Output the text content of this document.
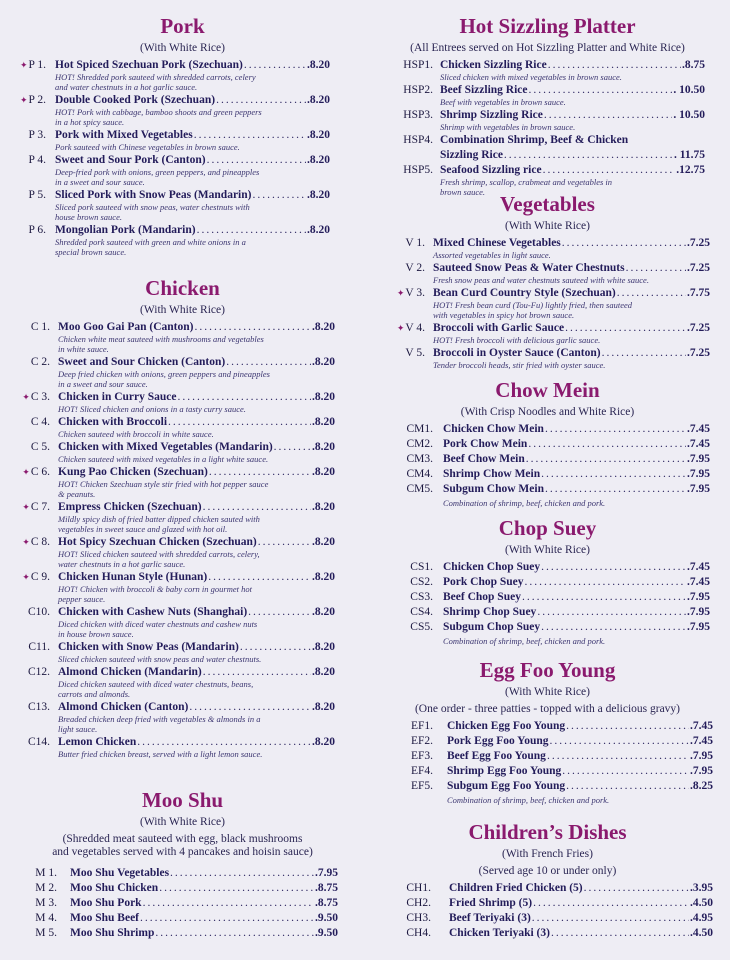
Pork
(With White Rice)
✦P 1. Hot Spiced Szechuan Pork (Szechuan) .....	.8.20
HOT! Shredded pork sauteed with shredded carrots, celery
and water chestnuts in a hot garlic sauce.
✦P 2. Double Cooked Pork (Szechuan) .....	.8.20
HOT! Pork with cabbage, bamboo shoots and green peppers
in a hot spicy sauce.
P 3. Pork with Mixed Vegetables .....	.8.20
Pork sauteed with Chinese vegetables in brown sauce.
P 4. Sweet and Sour Pork (Canton) .....	.8.20
Deep-fried pork with onions, green peppers, and pineapples
in a sweet and sour sauce.
P 5. Sliced Pork with Snow Peas (Mandarin) .....	.8.20
Sliced pork sauteed with snow peas, water chestnuts with
house brown sauce.
P 6. Mongolian Pork (Mandarin) .....	.8.20
Shredded pork sauteed with green and white onions in a
special brown sauce.
Chicken
(With White Rice)
C 1. Moo Goo Gai Pan (Canton) .....	.8.20
Chicken white meat sauteed with mushrooms and vegetables
in white sauce.
C 2. Sweet and Sour Chicken (Canton) .....	.8.20
Deep fried chicken with onions, green peppers and pineapples
in a sweet and sour sauce.
✦C 3. Chicken in Curry Sauce .....	.8.20
HOT! Sliced chicken and onions in a tasty curry sauce.
C 4. Chicken with Broccoli .....	.8.20
Chicken sauteed with broccoli in white sauce.
C 5. Chicken with Mixed Vegetables (Mandarin) .....	.8.20
Chicken sauteed with mixed vegetables in a light white sauce.
✦C 6. Kung Pao Chicken (Szechuan) .....	.8.20
HOT! Chicken Szechuan style stir fried with hot pepper sauce
& peanuts.
✦C 7. Empress Chicken (Szechuan) .....	.8.20
Mildly spicy dish of fried batter dipped chicken sauted with
vegetables in sweet sauce and glazed with hot oil.
✦C 8. Hot Spicy Szechuan Chicken (Szechuan) .....	.8.20
HOT! Sliced chicken sauteed with shredded carrots, celery,
water chestnuts in a hot garlic sauce.
✦C 9. Chicken Hunan Style (Hunan) .....	.8.20
HOT! Chicken with broccoli & baby corn in gourmet hot
pepper sauce.
C10. Chicken with Cashew Nuts (Shanghai) .....	.8.20
Diced chicken with diced water chestnuts and cashew nuts
in house brown sauce.
C11. Chicken with Snow Peas (Mandarin) .....	.8.20
Sliced chicken sauteed with snow peas and water chestnuts.
C12. Almond Chicken (Mandarin) .....	.8.20
Diced chicken sauteed with diced water chestnuts, beans,
carrots and almonds.
C13. Almond Chicken (Canton) .....	.8.20
Breaded chicken deep fried with vegetables & almonds in a
light sauce.
C14. Lemon Chicken .....	.8.20
Butter fried chicken breast, served with a light lemon sauce.
Moo Shu
(With White Rice)
(Shredded meat sauteed with egg, black mushrooms
and vegetables served with 4 pancakes and hoisin sauce)
M 1. Moo Shu Vegetables .....	.7.95
M 2. Moo Shu Chicken .....	.8.75
M 3. Moo Shu Pork .....	.8.75
M 4. Moo Shu Beef .....	.9.50
M 5. Moo Shu Shrimp .....	.9.50
Hot Sizzling Platter
(All Entrees served on Hot Sizzling Platter and White Rice)
HSP1. Chicken Sizzling Rice .....	.8.75
Sliced chicken with mixed vegetables in brown sauce.
HSP2. Beef Sizzling Rice .....	. 10.50
Beef with vegetables in brown sauce.
HSP3. Shrimp Sizzling Rice .....	. 10.50
Shrimp with vegetables in brown sauce.
HSP4. Combination Shrimp, Beef & Chicken
Sizzling Rice .....	. 11.75
HSP5. Seafood Sizzling rice .....	.12.75
Fresh shrimp, scallop, crabmeat and vegetables in
brown sauce. Vegetables
(With White Rice)
V 1. Mixed Chinese Vegetables .....	.7.25
Assorted vegetables in light sauce.
V 2. Sauteed Snow Peas & Water Chestnuts .....	.7.25
Fresh snow peas and water chestnuts sauteed with white sauce.
✦V 3. Bean Curd Country Style (Szechuan) .....	.7.75
HOT! Fresh bean curd (Tou-Fu) lightly fried, then sauteed
with vegetables in spicy hot brown sauce.
✦V 4. Broccoli with Garlic Sauce .....	.7.25
HOT! Fresh broccoli with delicious garlic sauce.
V 5. Broccoli in Oyster Sauce (Canton) .....	.7.25
Tender broccoli heads, stir fried with oyster sauce.
Chow Mein
(With Crisp Noodles and White Rice)
CM1. Chicken Chow Mein .....	.7.45
CM2. Pork Chow Mein .....	.7.45
CM3. Beef Chow Mein .....	.7.95
CM4. Shrimp Chow Mein .....	.7.95
CM5. Subgum Chow Mein .....	.7.95
Combination of shrimp, beef, chicken and pork.
Chop Suey
(With White Rice)
CS1. Chicken Chop Suey .....	.7.45
CS2. Pork Chop Suey .....	.7.45
CS3. Beef Chop Suey .....	.7.95
CS4. Shrimp Chop Suey .....	.7.95
CS5. Subgum Chop Suey .....	.7.95
Combination of shrimp, beef, chicken and pork.
Egg Foo Young
(With White Rice)
(One order - three patties - topped with a delicious gravy)
EF1. Chicken Egg Foo Young .....	.7.45
EF2. Pork Egg Foo Young .....	.7.45
EF3. Beef Egg Foo Young .....	.7.95
EF4. Shrimp Egg Foo Young .....	.7.95
EF5. Subgum Egg Foo Young .....	.8.25
Combination of shrimp, beef, chicken and pork.
Children’s Dishes
(With French Fries)
(Served age 10 or under only)
CH1. Children Fried Chicken (5) .....	.3.95
CH2. Fried Shrimp (5) .....	.4.50
CH3. Beef Teriyaki (3) .....	.4.95
CH4. Chicken Teriyaki (3) .....	.4.50
